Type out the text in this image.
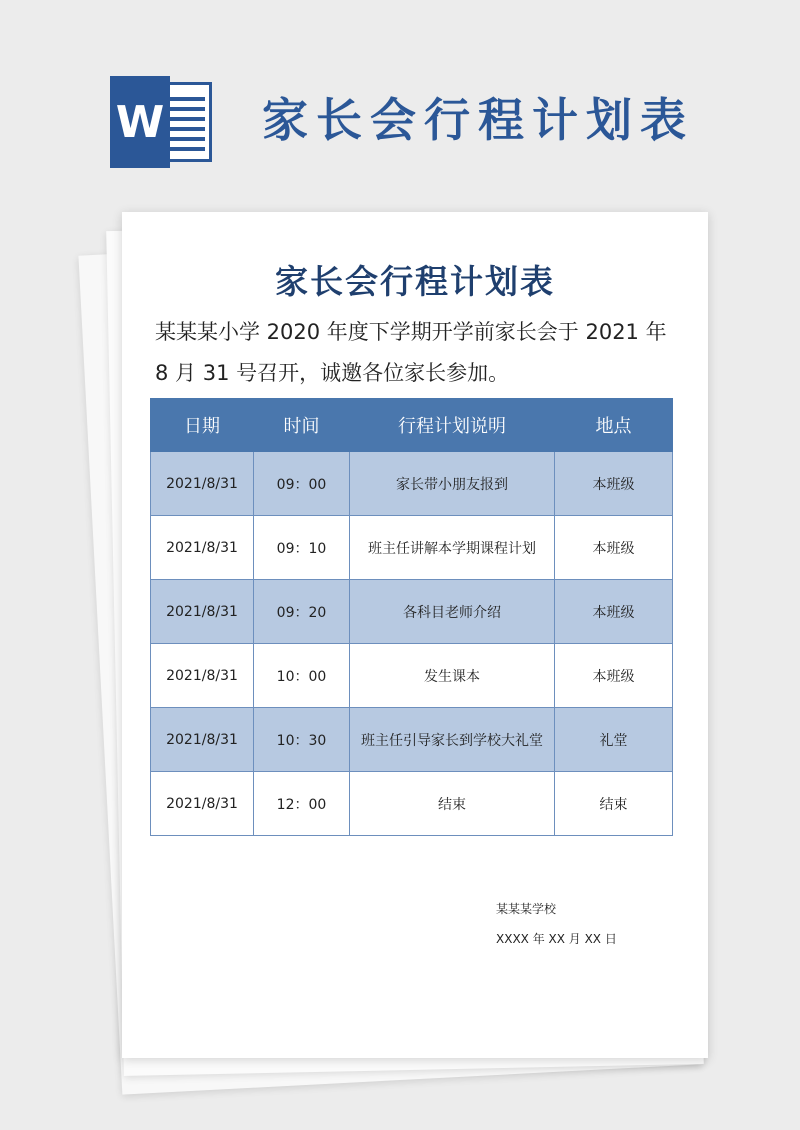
W 家长会行程计划表
家长会行程计划表
某某某小学 2020 年度下学期开学前家长会于 2021 年
8 月 31 号召开，诚邀各位家长参加。
日期	时间	行程计划说明	地点
2021/8/31	09：00	家长带小朋友报到	本班级
2021/8/31	09：10	班主任讲解本学期课程计划	本班级
2021/8/31	09：20	各科目老师介绍	本班级
2021/8/31	10：00	发生课本	本班级
2021/8/31	10：30	班主任引导家长到学校大礼堂	礼堂
2021/8/31	12：00	结束	结束
某某某学校
XXXX 年 XX 月 XX 日
